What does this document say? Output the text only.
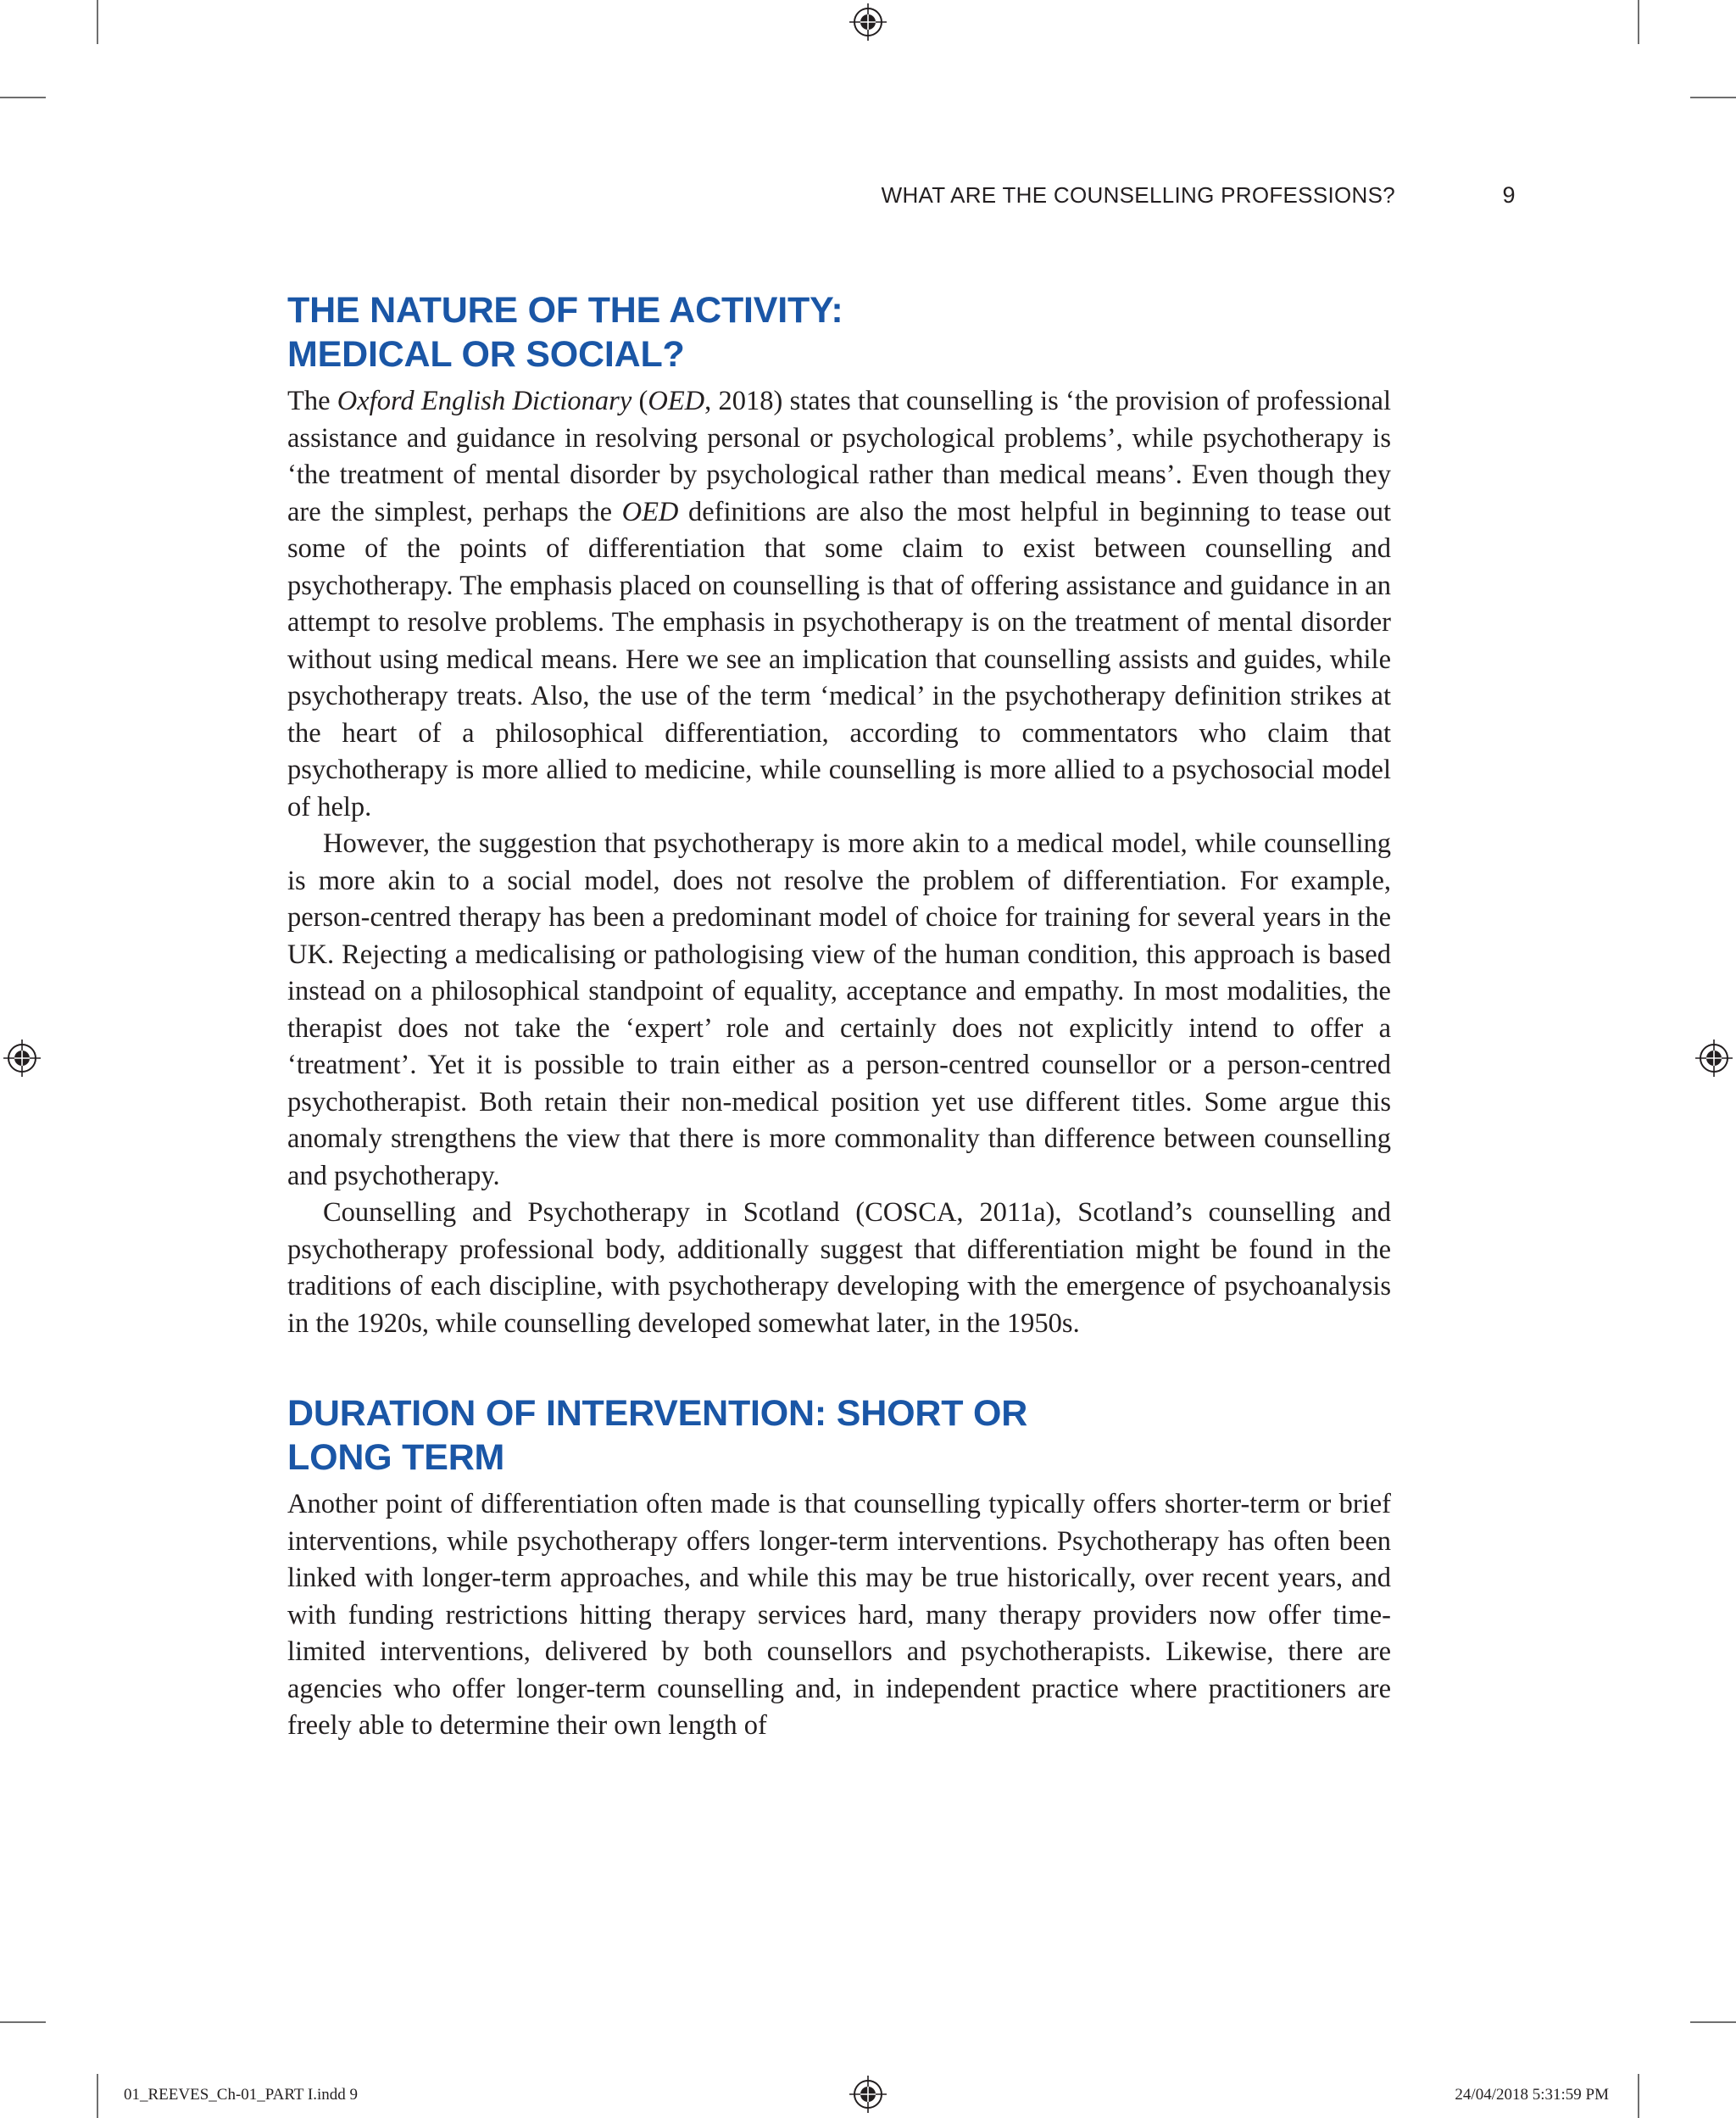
WHAT ARE THE COUNSELLING PROFESSIONS?	9
THE NATURE OF THE ACTIVITY:
MEDICAL OR SOCIAL?

The Oxford English Dictionary (OED, 2018) states that counselling is ‘the provision of professional assistance and guidance in resolving personal or psychological problems’, while psychotherapy is ‘the treatment of mental disorder by psychological rather than medical means’. Even though they are the simplest, perhaps the OED definitions are also the most helpful in beginning to tease out some of the points of differentiation that some claim to exist between counselling and psychotherapy. The emphasis placed on counselling is that of offering assistance and guidance in an attempt to resolve problems. The emphasis in psychotherapy is on the treatment of mental disorder without using medical means. Here we see an implication that counselling assists and guides, while psychotherapy treats. Also, the use of the term ‘medical’ in the psychotherapy definition strikes at the heart of a philosophical differentiation, according to commentators who claim that psychotherapy is more allied to medicine, while counselling is more allied to a psychosocial model of help.

However, the suggestion that psychotherapy is more akin to a medical model, while counselling is more akin to a social model, does not resolve the problem of differentiation. For example, person-centred therapy has been a predominant model of choice for training for several years in the UK. Rejecting a medicalising or pathologising view of the human condition, this approach is based instead on a philosophical standpoint of equality, acceptance and empathy. In most modalities, the therapist does not take the ‘expert’ role and certainly does not explicitly intend to offer a ‘treatment’. Yet it is possible to train either as a person-centred counsellor or a person-centred psychotherapist. Both retain their non-medical position yet use different titles. Some argue this anomaly strengthens the view that there is more commonality than difference between counselling and psychotherapy.

Counselling and Psychotherapy in Scotland (COSCA, 2011a), Scotland’s counselling and psychotherapy professional body, additionally suggest that differentiation might be found in the traditions of each discipline, with psychotherapy developing with the emergence of psychoanalysis in the 1920s, while counselling developed somewhat later, in the 1950s.

DURATION OF INTERVENTION: SHORT OR
LONG TERM

Another point of differentiation often made is that counselling typically offers shorter-term or brief interventions, while psychotherapy offers longer-term interventions. Psychotherapy has often been linked with longer-term approaches, and while this may be true historically, over recent years, and with funding restrictions hitting therapy services hard, many therapy providers now offer time-limited interventions, delivered by both counsellors and psychotherapists. Likewise, there are agencies who offer longer-term counselling and, in independent practice where practitioners are freely able to determine their own length of

01_REEVES_Ch-01_PART I.indd 9	24/04/2018 5:31:59 PM
